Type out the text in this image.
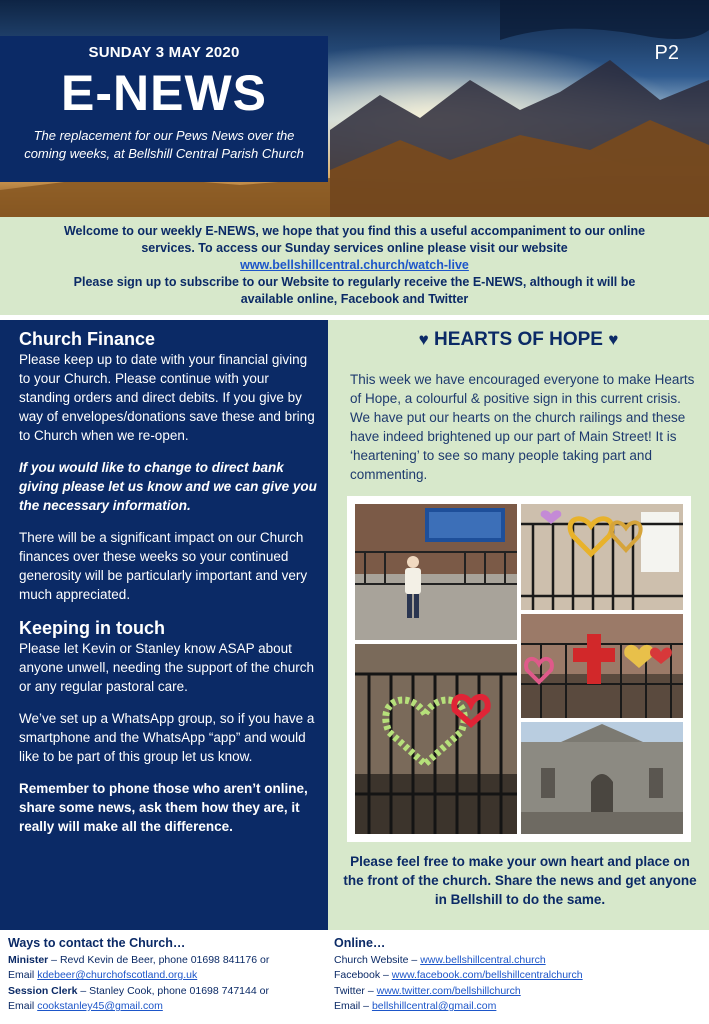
SUNDAY 3 MAY 2020
E-NEWS
The replacement for our Pews News over the
coming weeks, at Bellshill Central Parish Church
P2
Welcome to our weekly E-NEWS, we hope that you find this a useful accompaniment to our online
services. To access our Sunday services online please visit our website
www.bellshillcentral.church/watch-live
Please sign up to subscribe to our Website to regularly receive the E-NEWS, although it will be
available online, Facebook and Twitter
Church Finance

Please keep up to date with your financial giving to your Church. Please continue with your standing orders and direct debits. If you give by way of envelopes/donations save these and bring to Church when we re-open.

If you would like to change to direct bank giving please let us know and we can give you the necessary information.

There will be a significant impact on our Church finances over these weeks so your continued generosity will be particularly important and very much appreciated.

Keeping in touch

Please let Kevin or Stanley know ASAP about anyone unwell, needing the support of the church or any regular pastoral care.

We’ve set up a WhatsApp group, so if you have a smartphone and the WhatsApp “app” and would like to be part of this group let us know.

Remember to phone those who aren’t online, share some news, ask them how they are, it really will make all the difference.

♥ HEARTS OF HOPE ♥
This week we have encouraged everyone to make Hearts of Hope, a colourful & positive sign in this current crisis. We have put our hearts on the church railings and these have indeed brightened up our part of Main Street! It is ‘heartening’ to see so many people taking part and commenting.
Please feel free to make your own heart and place on the front of the church. Share the news and get anyone in Bellshill to do the same.
Ways to contact the Church…
Minister – Revd Kevin de Beer, phone 01698 841176 or
Email kdebeer@churchofscotland.org.uk
Session Clerk – Stanley Cook, phone 01698 747144 or
Email cookstanley45@gmail.com
Online…
Church Website – www.bellshillcentral.church
Facebook – www.facebook.com/bellshillcentralchurch
Twitter – www.twitter.com/bellshillchurch
Email – bellshillcentral@gmail.com
